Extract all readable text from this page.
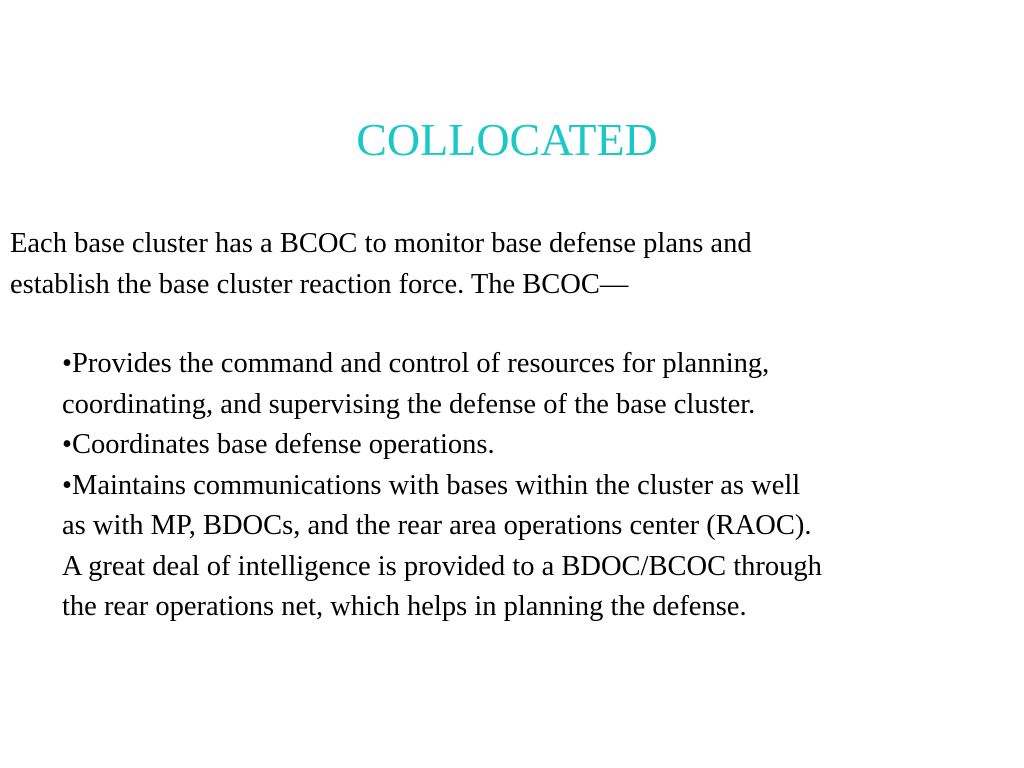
COLLOCATED

Each base cluster has a BCOC to monitor base defense plans and
establish the base cluster reaction force. The BCOC—

•Provides the command and control of resources for planning,
coordinating, and supervising the defense of the base cluster.
•Coordinates base defense operations.
•Maintains communications with bases within the cluster as well
as with MP, BDOCs, and the rear area operations center (RAOC).
A great deal of intelligence is provided to a BDOC/BCOC through
the rear operations net, which helps in planning the defense.
